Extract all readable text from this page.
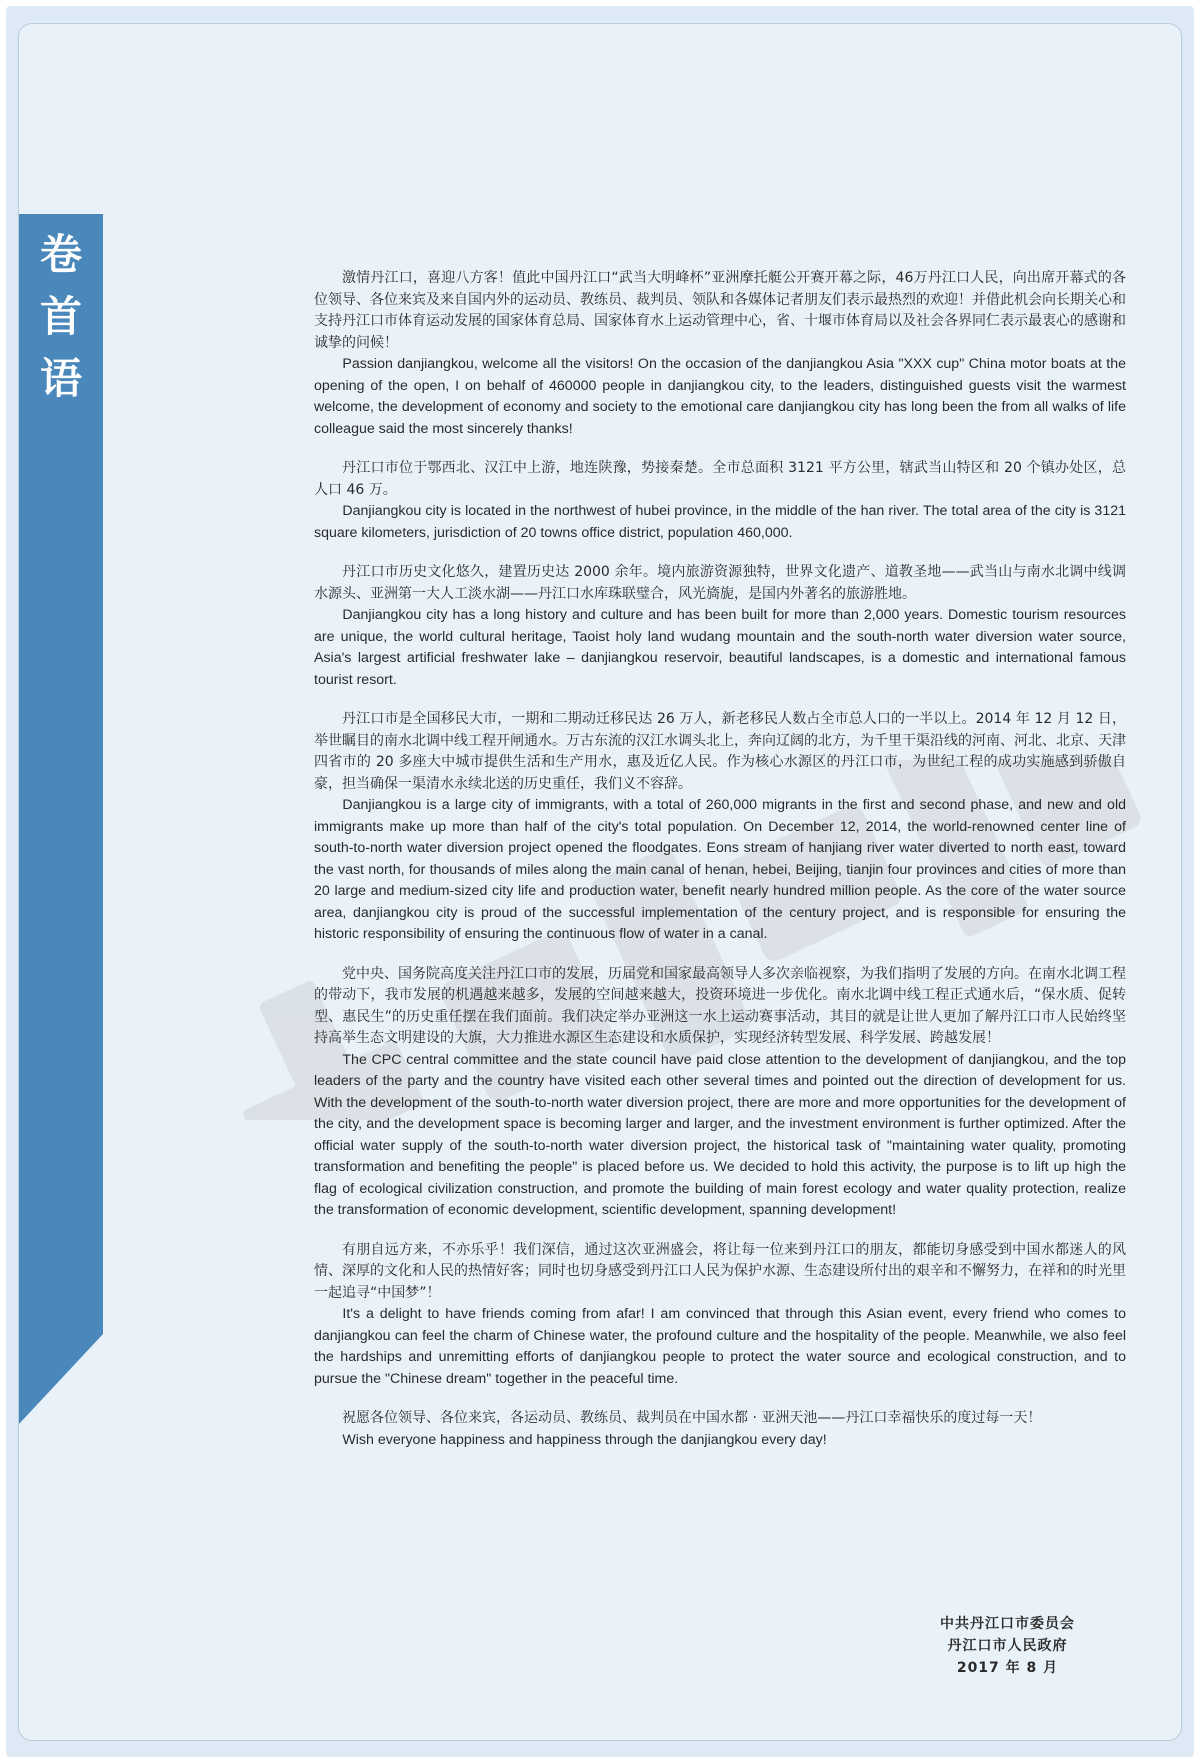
卷
首
语

激情丹江口，喜迎八方客！值此中国丹江口“武当大明峰杯”亚洲摩托艇公开赛开幕之际，46万丹江口人民，向出席开幕式的各位领导、各位来宾及来自国内外的运动员、教练员、裁判员、领队和各媒体记者朋友们表示最热烈的欢迎！并借此机会向长期关心和支持丹江口市体育运动发展的国家体育总局、国家体育水上运动管理中心，省、十堰市体育局以及社会各界同仁表示最衷心的感谢和诚挚的问候！

Passion danjiangkou, welcome all the visitors! On the occasion of the danjiangkou Asia "XXX cup" China motor boats at the opening of the open, I on behalf of 460000 people in danjiangkou city, to the leaders, distinguished guests visit the warmest welcome, the development of economy and society to the emotional care danjiangkou city has long been the from all walks of life colleague said the most sincerely thanks!

丹江口市位于鄂西北、汉江中上游，地连陕豫，势接秦楚。全市总面积 3121 平方公里，辖武当山特区和 20 个镇办处区，总人口 46 万。

Danjiangkou city is located in the northwest of hubei province, in the middle of the han river. The total area of the city is 3121 square kilometers, jurisdiction of 20 towns office district, population 460,000.

丹江口市历史文化悠久，建置历史达 2000 余年。境内旅游资源独特，世界文化遗产、道教圣地——武当山与南水北调中线调水源头、亚洲第一大人工淡水湖——丹江口水库珠联璧合，风光旖旎，是国内外著名的旅游胜地。

Danjiangkou city has a long history and culture and has been built for more than 2,000 years. Domestic tourism resources are unique, the world cultural heritage, Taoist holy land wudang mountain and the south-north water diversion water source, Asia's largest artificial freshwater lake – danjiangkou reservoir, beautiful landscapes, is a domestic and international famous tourist resort.

丹江口市是全国移民大市，一期和二期动迁移民达 26 万人，新老移民人数占全市总人口的一半以上。2014 年 12 月 12 日，举世瞩目的南水北调中线工程开闸通水。万古东流的汉江水调头北上，奔向辽阔的北方，为千里干渠沿线的河南、河北、北京、天津四省市的 20 多座大中城市提供生活和生产用水，惠及近亿人民。作为核心水源区的丹江口市，为世纪工程的成功实施感到骄傲自豪，担当确保一渠清水永续北送的历史重任，我们义不容辞。

Danjiangkou is a large city of immigrants, with a total of 260,000 migrants in the first and second phase, and new and old immigrants make up more than half of the city's total population. On December 12, 2014, the world-renowned center line of south-to-north water diversion project opened the floodgates. Eons stream of hanjiang river water diverted to north east, toward the vast north, for thousands of miles along the main canal of henan, hebei, Beijing, tianjin four provinces and cities of more than 20 large and medium-sized city life and production water, benefit nearly hundred million people. As the core of the water source area, danjiangkou city is proud of the successful implementation of the century project, and is responsible for ensuring the historic responsibility of ensuring the continuous flow of water in a canal.

党中央、国务院高度关注丹江口市的发展，历届党和国家最高领导人多次亲临视察，为我们指明了发展的方向。在南水北调工程的带动下，我市发展的机遇越来越多，发展的空间越来越大，投资环境进一步优化。南水北调中线工程正式通水后，“保水质、促转型、惠民生”的历史重任摆在我们面前。我们决定举办亚洲这一水上运动赛事活动，其目的就是让世人更加了解丹江口市人民始终坚持高举生态文明建设的大旗，大力推进水源区生态建设和水质保护，实现经济转型发展、科学发展、跨越发展！

The CPC central committee and the state council have paid close attention to the development of danjiangkou, and the top leaders of the party and the country have visited each other several times and pointed out the direction of development for us. With the development of the south-to-north water diversion project, there are more and more opportunities for the development of the city, and the development space is becoming larger and larger, and the investment environment is further optimized. After the official water supply of the south-to-north water diversion project, the historical task of "maintaining water quality, promoting transformation and benefiting the people" is placed before us. We decided to hold this activity, the purpose is to lift up high the flag of ecological civilization construction, and promote the building of main forest ecology and water quality protection, realize the transformation of economic development, scientific development, spanning development!

有朋自远方来，不亦乐乎！我们深信，通过这次亚洲盛会，将让每一位来到丹江口的朋友，都能切身感受到中国水都迷人的风情、深厚的文化和人民的热情好客；同时也切身感受到丹江口人民为保护水源、生态建设所付出的艰辛和不懈努力，在祥和的时光里一起追寻“中国梦”！

It's a delight to have friends coming from afar! I am convinced that through this Asian event, every friend who comes to danjiangkou can feel the charm of Chinese water, the profound culture and the hospitality of the people. Meanwhile, we also feel the hardships and unremitting efforts of danjiangkou people to protect the water source and ecological construction, and to pursue the "Chinese dream" together in the peaceful time.

祝愿各位领导、各位来宾，各运动员、教练员、裁判员在中国水都 · 亚洲天池——丹江口幸福快乐的度过每一天！

Wish everyone happiness and happiness through the danjiangkou every day!

中共丹江口市委员会
丹江口市人民政府
2017 年 8 月
